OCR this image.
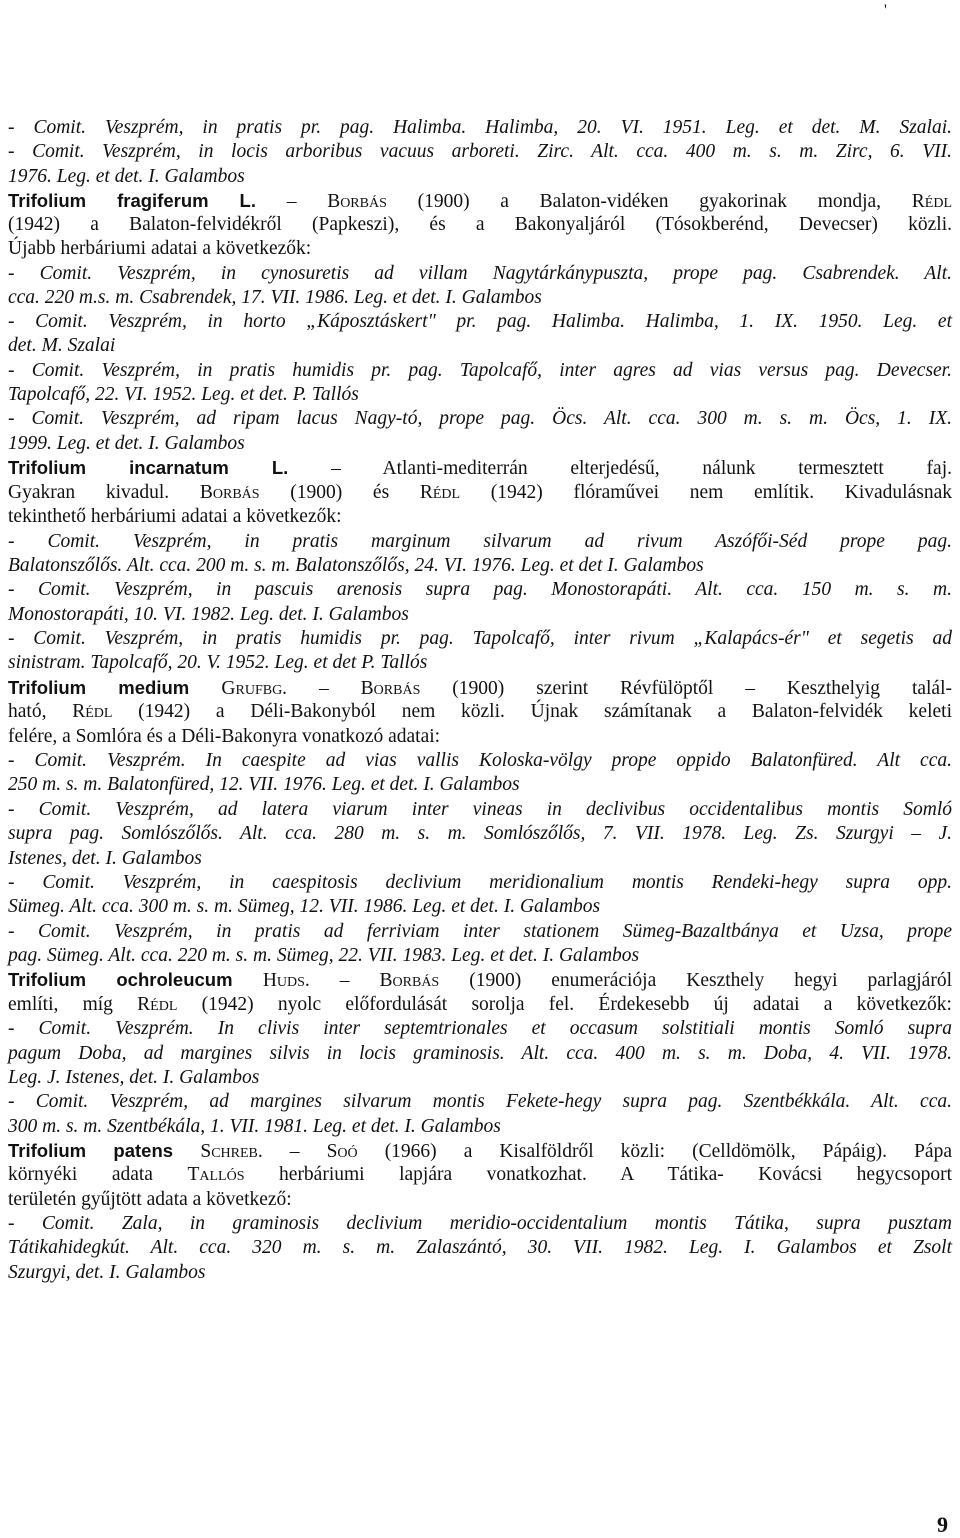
'
- Comit. Veszprém, in pratis pr. pag. Halimba. Halimba, 20. VI. 1951. Leg. et det. M. Szalai.
- Comit. Veszprém, in locis arboribus vacuus arboreti. Zirc. Alt. cca. 400 m. s. m. Zirc, 6. VII.
1976. Leg. et det. I. Galambos
Trifolium fragiferum L. – Borbás (1900) a Balaton-vidéken gyakorinak mondja, Rédl
(1942) a Balaton-felvidékről (Papkeszi), és a Bakonyaljáról (Tósokberénd, Devecser) közli.
Újabb herbáriumi adatai a következők:
- Comit. Veszprém, in cynosuretis ad villam Nagytárkánypuszta, prope pag. Csabrendek. Alt.
cca. 220 m.s. m. Csabrendek, 17. VII. 1986. Leg. et det. I. Galambos
- Comit. Veszprém, in horto „Káposztáskert" pr. pag. Halimba. Halimba, 1. IX. 1950. Leg. et
det. M. Szalai
- Comit. Veszprém, in pratis humidis pr. pag. Tapolcafő, inter agres ad vias versus pag. Devecser.
Tapolcafő, 22. VI. 1952. Leg. et det. P. Tallós
- Comit. Veszprém, ad ripam lacus Nagy-tó, prope pag. Öcs. Alt. cca. 300 m. s. m. Öcs, 1. IX.
1999. Leg. et det. I. Galambos
Trifolium incarnatum L. – Atlanti-mediterrán elterjedésű, nálunk termesztett faj.
Gyakran kivadul. Borbás (1900) és Rédl (1942) flóraművei nem említik. Kivadulásnak
tekinthető herbáriumi adatai a következők:
- Comit. Veszprém, in pratis marginum silvarum ad rivum Aszófői-Séd prope pag.
Balatonszőlős. Alt. cca. 200 m. s. m. Balatonszőlős, 24. VI. 1976. Leg. et det I. Galambos
- Comit. Veszprém, in pascuis arenosis supra pag. Monostorapáti. Alt. cca. 150 m. s. m.
Monostorapáti, 10. VI. 1982. Leg. det. I. Galambos
- Comit. Veszprém, in pratis humidis pr. pag. Tapolcafő, inter rivum „Kalapács-ér" et segetis ad
sinistram. Tapolcafő, 20. V. 1952. Leg. et det P. Tallós
Trifolium medium Grufbg. – Borbás (1900) szerint Révfülöptől – Keszthelyig talál-
ható, Rédl (1942) a Déli-Bakonyból nem közli. Újnak számítanak a Balaton-felvidék keleti
felére, a Somlóra és a Déli-Bakonyra vonatkozó adatai:
- Comit. Veszprém. In caespite ad vias vallis Koloska-völgy prope oppido Balatonfüred. Alt cca.
250 m. s. m. Balatonfüred, 12. VII. 1976. Leg. et det. I. Galambos
- Comit. Veszprém, ad latera viarum inter vineas in declivibus occidentalibus montis Somló
supra pag. Somlószőlős. Alt. cca. 280 m. s. m. Somlószőlős, 7. VII. 1978. Leg. Zs. Szurgyi – J.
Istenes, det. I. Galambos
- Comit. Veszprém, in caespitosis declivium meridionalium montis Rendeki-hegy supra opp.
Sümeg. Alt. cca. 300 m. s. m. Sümeg, 12. VII. 1986. Leg. et det. I. Galambos
- Comit. Veszprém, in pratis ad ferriviam inter stationem Sümeg-Bazaltbánya et Uzsa, prope
pag. Sümeg. Alt. cca. 220 m. s. m. Sümeg, 22. VII. 1983. Leg. et det. I. Galambos
Trifolium ochroleucum Huds. – Borbás (1900) enumerációja Keszthely hegyi parlagjáról
említi, míg Rédl (1942) nyolc előfordulását sorolja fel. Érdekesebb új adatai a következők:
- Comit. Veszprém. In clivis inter septemtrionales et occasum solstitiali montis Somló supra
pagum Doba, ad margines silvis in locis graminosis. Alt. cca. 400 m. s. m. Doba, 4. VII. 1978.
Leg. J. Istenes, det. I. Galambos
- Comit. Veszprém, ad margines silvarum montis Fekete-hegy supra pag. Szentbékkála. Alt. cca.
300 m. s. m. Szentbékála, 1. VII. 1981. Leg. et det. I. Galambos
Trifolium patens Schreb. – Soó (1966) a Kisalföldről közli: (Celldömölk, Pápáig). Pápa
környéki adata Tallós herbáriumi lapjára vonatkozhat. A Tátika- Kovácsi hegycsoport
területén gyűjtött adata a következő:
- Comit. Zala, in graminosis declivium meridio-occidentalium montis Tátika, supra pusztam
Tátikahidegkút. Alt. cca. 320 m. s. m. Zalaszántó, 30. VII. 1982. Leg. I. Galambos et Zsolt
Szurgyi, det. I. Galambos
9
